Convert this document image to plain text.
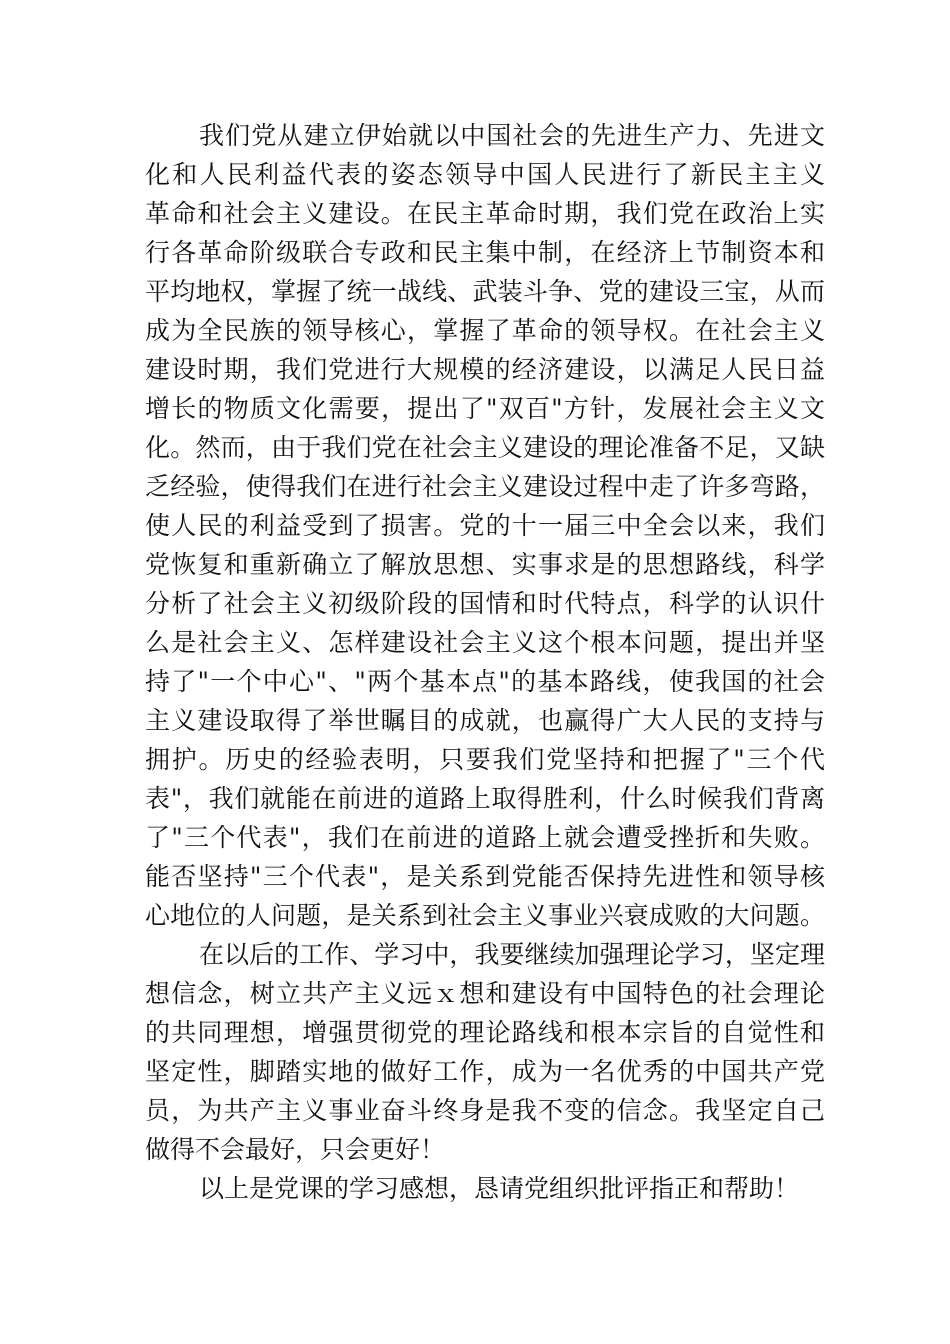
我们党从建立伊始就以中国社会的先进生产力、先进文
化和人民利益代表的姿态领导中国人民进行了新民主主义
革命和社会主义建设。在民主革命时期，我们党在政治上实
行各革命阶级联合专政和民主集中制，在经济上节制资本和
平均地权，掌握了统一战线、武装斗争、党的建设三宝，从而
成为全民族的领导核心，掌握了革命的领导权。在社会主义
建设时期，我们党进行大规模的经济建设，以满足人民日益
增长的物质文化需要，提出了"双百"方针，发展社会主义文
化。然而，由于我们党在社会主义建设的理论准备不足，又缺
乏经验，使得我们在进行社会主义建设过程中走了许多弯路，
使人民的利益受到了损害。党的十一届三中全会以来，我们
党恢复和重新确立了解放思想、实事求是的思想路线，科学
分析了社会主义初级阶段的国情和时代特点，科学的认识什
么是社会主义、怎样建设社会主义这个根本问题，提出并坚
持了"一个中心"、"两个基本点"的基本路线，使我国的社会
主义建设取得了举世瞩目的成就，也赢得广大人民的支持与
拥护。历史的经验表明，只要我们党坚持和把握了"三个代
表"，我们就能在前进的道路上取得胜利，什么时候我们背离
了"三个代表"，我们在前进的道路上就会遭受挫折和失败。
能否坚持"三个代表"，是关系到党能否保持先进性和领导核
心地位的人问题，是关系到社会主义事业兴衰成败的大问题。
在以后的工作、学习中，我要继续加强理论学习，坚定理
想信念，树立共产主义远ｘ想和建设有中国特色的社会理论
的共同理想，增强贯彻党的理论路线和根本宗旨的自觉性和
坚定性，脚踏实地的做好工作，成为一名优秀的中国共产党
员，为共产主义事业奋斗终身是我不变的信念。我坚定自己
做得不会最好，只会更好！
以上是党课的学习感想，恳请党组织批评指正和帮助！
